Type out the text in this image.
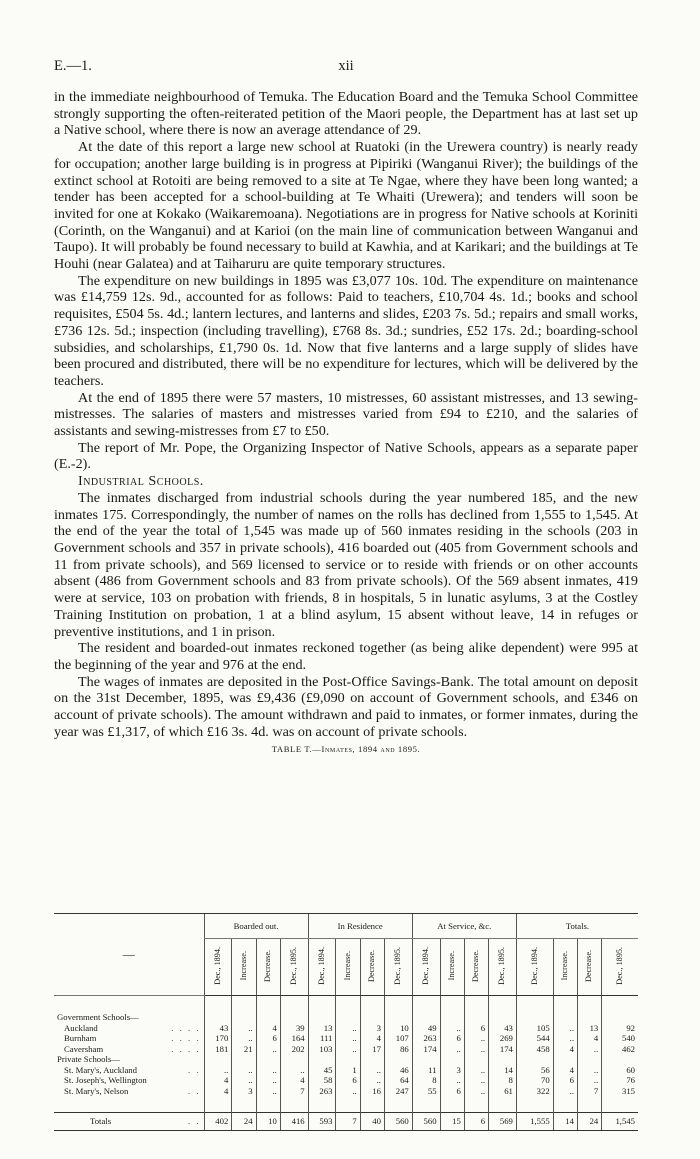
E.—1.	xii

in the immediate neighbourhood of Temuka. The Education Board and the Temuka School Committee strongly supporting the often-reiterated petition of the Maori people, the Department has at last set up a Native school, where there is now an average attendance of 29.

At the date of this report a large new school at Ruatoki (in the Urewera country) is nearly ready for occupation; another large building is in progress at Pipiriki (Wanganui River); the buildings of the extinct school at Rotoiti are being removed to a site at Te Ngae, where they have been long wanted; a tender has been accepted for a school-building at Te Whaiti (Urewera); and tenders will soon be invited for one at Kokako (Waikaremoana). Negotiations are in progress for Native schools at Koriniti (Corinth, on the Wanganui) and at Karioi (on the main line of communication between Wanganui and Taupo). It will probably be found necessary to build at Kawhia, and at Karikari; and the buildings at Te Houhi (near Galatea) and at Taiharuru are quite temporary structures.

The expenditure on new buildings in 1895 was £3,077 10s. 10d. The expenditure on maintenance was £14,759 12s. 9d., accounted for as follows: Paid to teachers, £10,704 4s. 1d.; books and school requisites, £504 5s. 4d.; lantern lectures, and lanterns and slides, £203 7s. 5d.; repairs and small works, £736 12s. 5d.; inspection (including travelling), £768 8s. 3d.; sundries, £52 17s. 2d.; boarding-school subsidies, and scholarships, £1,790 0s. 1d. Now that five lanterns and a large supply of slides have been procured and distributed, there will be no expenditure for lectures, which will be delivered by the teachers.

At the end of 1895 there were 57 masters, 10 mistresses, 60 assistant mistresses, and 13 sewing-mistresses. The salaries of masters and mistresses varied from £94 to £210, and the salaries of assistants and sewing-mistresses from £7 to £50.

The report of Mr. Pope, the Organizing Inspector of Native Schools, appears as a separate paper (E.-2).

Industrial Schools.

The inmates discharged from industrial schools during the year numbered 185, and the new inmates 175. Correspondingly, the number of names on the rolls has declined from 1,555 to 1,545. At the end of the year the total of 1,545 was made up of 560 inmates residing in the schools (203 in Government schools and 357 in private schools), 416 boarded out (405 from Government schools and 11 from private schools), and 569 licensed to service or to reside with friends or on other accounts absent (486 from Government schools and 83 from private schools). Of the 569 absent inmates, 419 were at service, 103 on probation with friends, 8 in hospitals, 5 in lunatic asylums, 3 at the Costley Training Institution on probation, 1 at a blind asylum, 15 absent without leave, 14 in refuges or preventive institutions, and 1 in prison.

The resident and boarded-out inmates reckoned together (as being alike dependent) were 995 at the beginning of the year and 976 at the end.

The wages of inmates are deposited in the Post-Office Savings-Bank. The total amount on deposit on the 31st December, 1895, was £9,436 (£9,090 on account of Government schools, and £346 on account of private schools). The amount withdrawn and paid to inmates, or former inmates, during the year was £1,317, of which £16 3s. 4d. was on account of private schools.

TABLE T.—Inmates, 1894 and 1895.
—	Boarded out.				In Residence				At Service, &c.				Totals.			
	Dec., 1894.	Increase.	Decrease.	Dec., 1895.	Dec., 1894.	Increase.	Decrease.	Dec., 1895.	Dec., 1894.	Increase.	Decrease.	Dec., 1895.	Dec., 1894.	Increase.	Decrease.	Dec., 1895.

Government Schools—																
Auckland . . . .	43	..	4	39	13	..	3	10	49	..	6	43	105	..	13	92
Burnham . . . .	170	..	6	164	111	..	4	107	263	6	..	269	544	..	4	540
Caversham . . . .	181	21	..	202	103	..	17	86	174	..	..	174	458	4	..	462
Private Schools—																
St. Mary's, Auckland . .	..	..	..	..	45	1	..	46	11	3	..	14	56	4	..	60
St. Joseph's, Wellington	4	..	..	4	58	6	..	64	8	..	..	8	70	6	..	76
St. Mary's, Nelson . .	4	3	..	7	263	..	16	247	55	6	..	61	322	..	7	315

Totals . .	402	24	10	416	593	7	40	560	560	15	6	569	1,555	14	24	1,545
